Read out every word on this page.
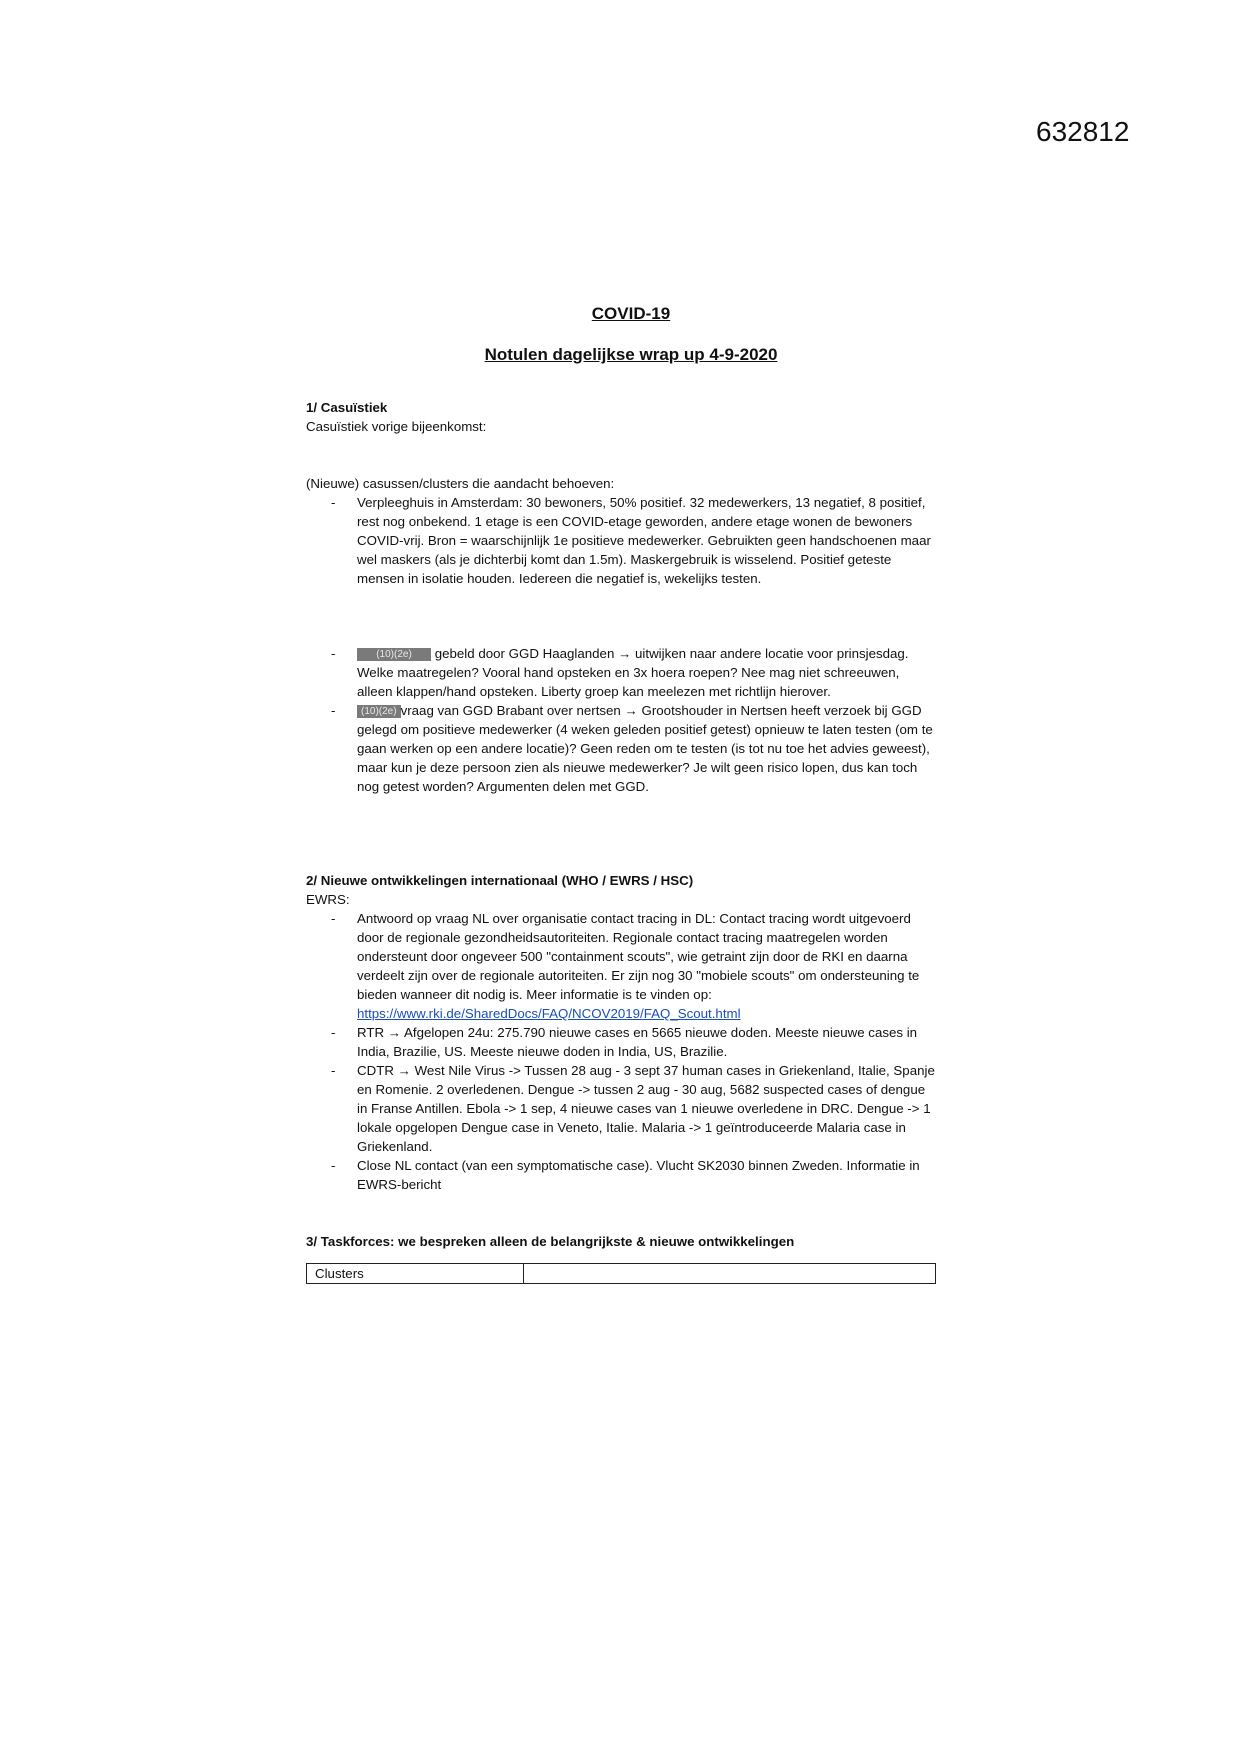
632812

COVID-19

Notulen dagelijkse wrap up 4-9-2020

1/ Casuïstiek

Casuïstiek vorige bijeenkomst:

(Nieuwe) casussen/clusters die aandacht behoeven:

- Verpleeghuis in Amsterdam: 30 bewoners, 50% positief. 32 medewerkers, 13 negatief, 8 positief, rest nog onbekend. 1 etage is een COVID-etage geworden, andere etage wonen de bewoners COVID-vrij. Bron = waarschijnlijk 1e positieve medewerker. Gebruikten geen handschoenen maar wel maskers (als je dichterbij komt dan 1.5m). Maskergebruik is wisselend. Positief geteste mensen in isolatie houden. Iedereen die negatief is, wekelijks testen.
- (10)(2e) gebeld door GGD Haaglanden → uitwijken naar andere locatie voor prinsjesdag. Welke maatregelen? Vooral hand opsteken en 3x hoera roepen? Nee mag niet schreeuwen, alleen klappen/hand opsteken. Liberty groep kan meelezen met richtlijn hierover.
- (10)(2e) vraag van GGD Brabant over nertsen → Grootshouder in Nertsen heeft verzoek bij GGD gelegd om positieve medewerker (4 weken geleden positief getest) opnieuw te laten testen (om te gaan werken op een andere locatie)? Geen reden om te testen (is tot nu toe het advies geweest), maar kun je deze persoon zien als nieuwe medewerker? Je wilt geen risico lopen, dus kan toch nog getest worden? Argumenten delen met GGD.

2/ Nieuwe ontwikkelingen internationaal (WHO / EWRS / HSC)

EWRS:

- Antwoord op vraag NL over organisatie contact tracing in DL: Contact tracing wordt uitgevoerd door de regionale gezondheidsautoriteiten. Regionale contact tracing maatregelen worden ondersteunt door ongeveer 500 "containment scouts", wie getraint zijn door de RKI en daarna verdeelt zijn over de regionale autoriteiten. Er zijn nog 30 "mobiele scouts" om ondersteuning te bieden wanneer dit nodig is. Meer informatie is te vinden op: https://www.rki.de/SharedDocs/FAQ/NCOV2019/FAQ_Scout.html
- RTR → Afgelopen 24u: 275.790 nieuwe cases en 5665 nieuwe doden. Meeste nieuwe cases in India, Brazilie, US. Meeste nieuwe doden in India, US, Brazilie.
- CDTR → West Nile Virus -> Tussen 28 aug - 3 sept 37 human cases in Griekenland, Italie, Spanje en Romenie. 2 overledenen. Dengue -> tussen 2 aug - 30 aug, 5682 suspected cases of dengue in Franse Antillen. Ebola -> 1 sep, 4 nieuwe cases van 1 nieuwe overledene in DRC. Dengue -> 1 lokale opgelopen Dengue case in Veneto, Italie. Malaria -> 1 geïntroduceerde Malaria case in Griekenland.
- Close NL contact (van een symptomatische case). Vlucht SK2030 binnen Zweden. Informatie in EWRS-bericht

3/ Taskforces: we bespreken alleen de belangrijkste & nieuwe ontwikkelingen

Clusters	
